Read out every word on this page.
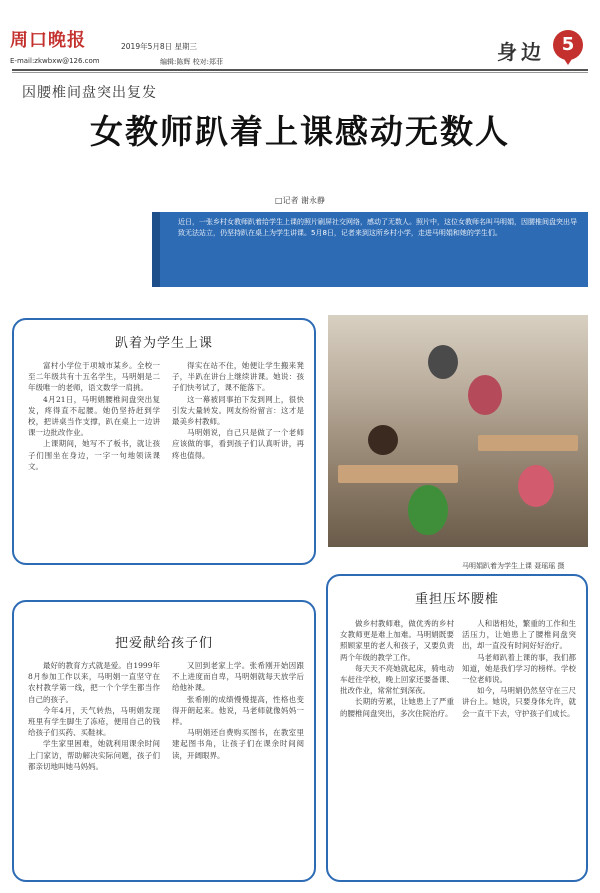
周口晚报
E-mail:zkwbxw@126.com
2019年5月8日 星期三
编辑:陈辉 校对:郑菲	身边 5
因腰椎间盘突出复发
女教师趴着上课感动无数人
□记者 谢永静
近日，一张乡村女教师趴着给学生上课的照片刷屏社交网络，感动了无数人。照片中，这位女教师名叫马明娟，因腰椎间盘突出导致无法站立，仍坚持趴在桌上为学生讲课。5月8日，记者来到这所乡村小学，走进马明娟和她的学生们。
趴着为学生上课

富村小学位于项城市某乡。全校一至二年级共有十五名学生，马明娟是二年级唯一的老师，语文数学一肩挑。

4月21日，马明娟腰椎间盘突出复发，疼得直不起腰。她仍坚持赶到学校，把讲桌当作支撑，趴在桌上一边讲课一边批改作业。

上课期间，她写不了板书，就让孩子们围坐在身边，一字一句地领读课文。

得实在站不住，她便让学生搬来凳子，半趴在讲台上继续讲课。她说：孩子们快考试了，课不能落下。

这一幕被同事拍下发到网上，很快引发大量转发。网友纷纷留言：这才是最美乡村教师。

马明娟说，自己只是做了一个老师应该做的事，看到孩子们认真听讲，再疼也值得。

马明娟趴着为学生上课 聂瑶瑶 摄
把爱献给孩子们

最好的教育方式就是爱。自1999年8月参加工作以来，马明娟一直坚守在农村教学第一线，把一个个学生都当作自己的孩子。

今年4月，天气转热，马明娟发现班里有学生脚生了冻疮，便用自己的钱给孩子们买药、买鞋袜。

学生家里困难，她就利用课余时间上门家访，帮助解决实际问题，孩子们都亲切地叫她马妈妈。

又回到老家上学。张希刚开始因跟不上进度而自卑，马明娟就每天放学后给他补课。

张希刚的成绩慢慢提高，性格也变得开朗起来。他说，马老师就像妈妈一样。

马明娟还自费购买图书，在教室里建起图书角，让孩子们在课余时间阅读，开阔眼界。

重担压坏腰椎

做乡村教师难，做优秀的乡村女教师更是难上加难。马明娟既要照顾家里的老人和孩子，又要负责两个年级的教学工作。

每天天不亮她就起床，骑电动车赶往学校，晚上回家还要备课、批改作业，常常忙到深夜。

长期的劳累，让她患上了严重的腰椎间盘突出，多次住院治疗。

人和谐相处，繁重的工作和生活压力，让她患上了腰椎间盘突出，却一直没有时间好好治疗。

马老师趴着上课的事，我们都知道，她是我们学习的榜样。学校一位老师说。

如今，马明娟仍然坚守在三尺讲台上。她说，只要身体允许，就会一直干下去，守护孩子们成长。
